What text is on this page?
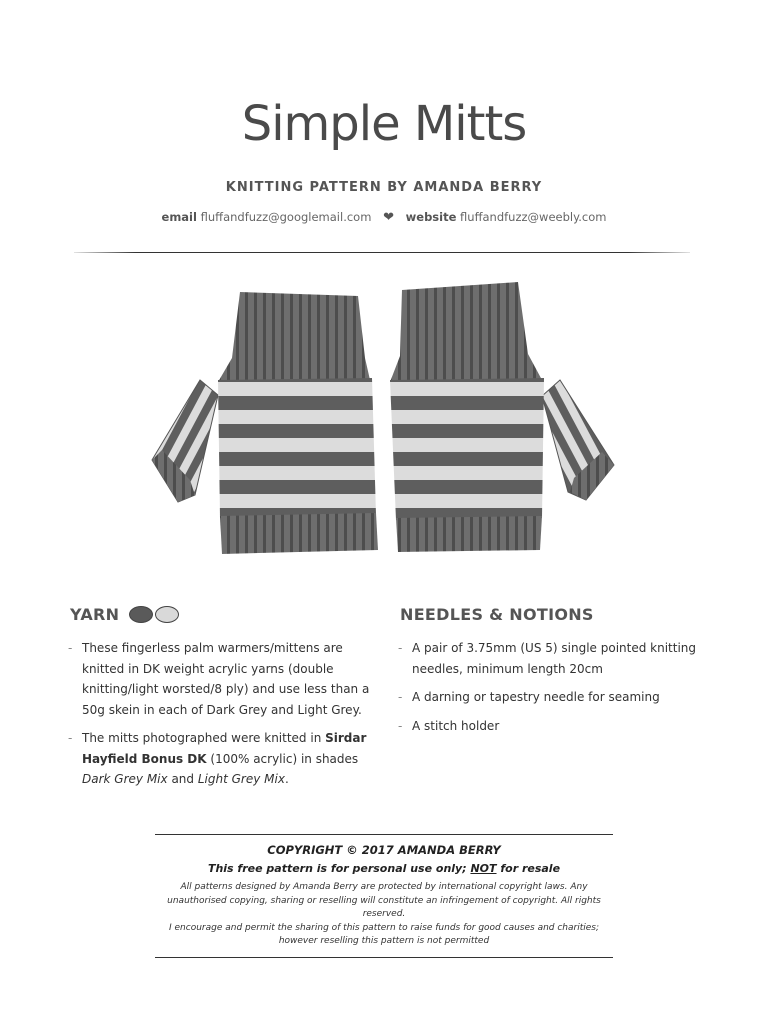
Simple Mitts
KNITTING PATTERN BY AMANDA BERRY
email fluffandfuzz@googlemail.com ❤ website fluffandfuzz@weebly.com
YARN
- These fingerless palm warmers/mittens are knitted in DK weight acrylic yarns (double knitting/light worsted/8 ply) and use less than a 50g skein in each of Dark Grey and Light Grey.
- The mitts photographed were knitted in Sirdar Hayfield Bonus DK (100% acrylic) in shades Dark Grey Mix and Light Grey Mix.
NEEDLES & NOTIONS
- A pair of 3.75mm (US 5) single pointed knitting needles, minimum length 20cm
- A darning or tapestry needle for seaming
- A stitch holder
COPYRIGHT © 2017 AMANDA BERRY
This free pattern is for personal use only; NOT for resale
All patterns designed by Amanda Berry are protected by international copyright laws. Any unauthorised copying, sharing or reselling will constitute an infringement of copyright. All rights reserved.
I encourage and permit the sharing of this pattern to raise funds for good causes and charities; however reselling this pattern is not permitted
